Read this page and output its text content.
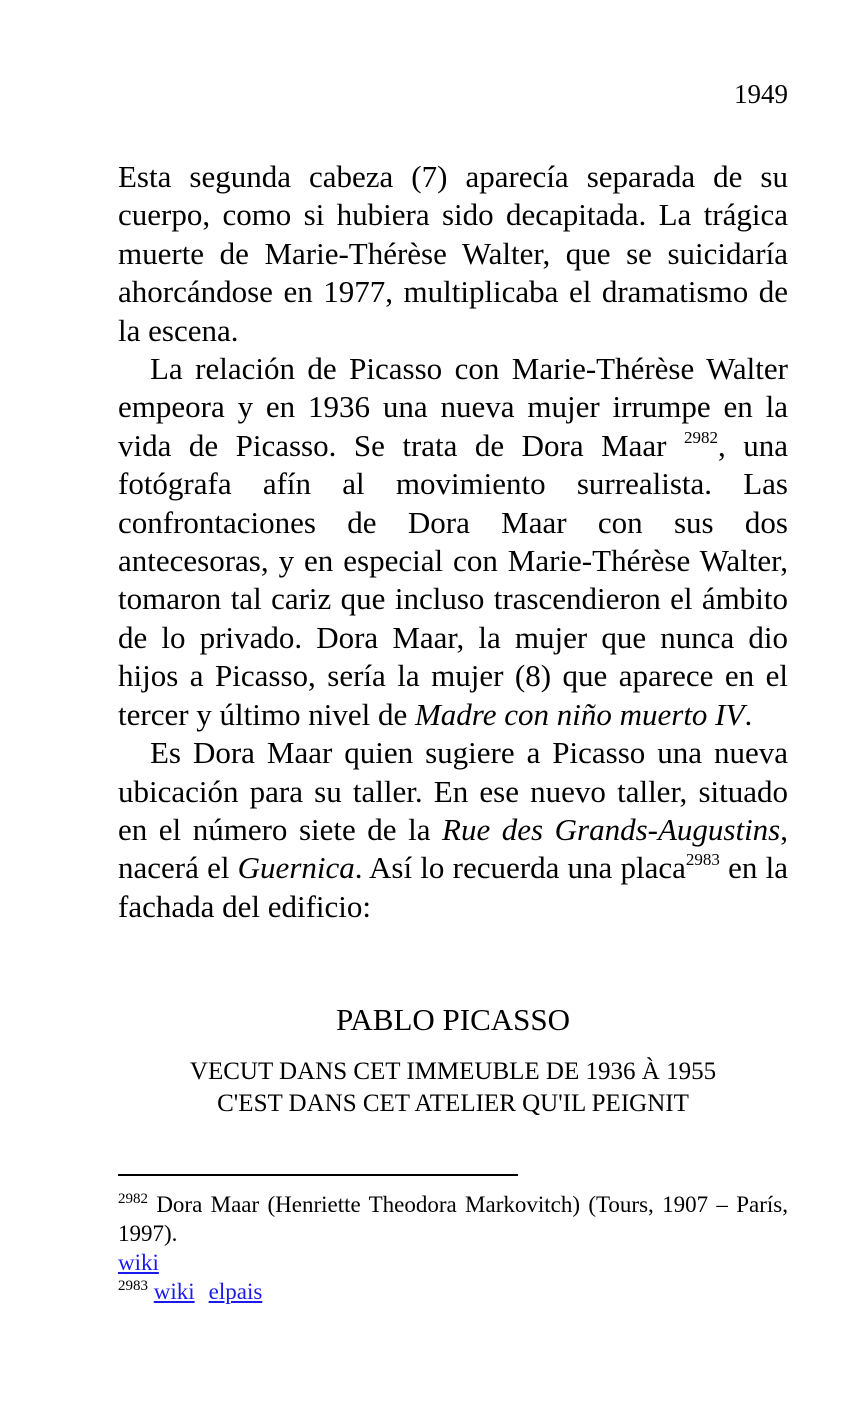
1949

Esta segunda cabeza (7) aparecía separada de su cuerpo, como si hubiera sido decapitada. La trágica muerte de Marie-Thérèse Walter, que se suicidaría ahorcándose en 1977, multiplicaba el dramatismo de la escena.

La relación de Picasso con Marie-Thérèse Walter empeora y en 1936 una nueva mujer irrumpe en la vida de Picasso. Se trata de Dora Maar $^{2982}$, una fotógrafa afín al movimiento surrealista. Las confrontaciones de Dora Maar con sus dos antecesoras, y en especial con Marie-Thérèse Walter, tomaron tal cariz que incluso trascendieron el ámbito de lo privado. Dora Maar, la mujer que nunca dio hijos a Picasso, sería la mujer (8) que aparece en el tercer y último nivel de Madre con niño muerto IV.

Es Dora Maar quien sugiere a Picasso una nueva ubicación para su taller. En ese nuevo taller, situado en el número siete de la Rue des Grands-Augustins, nacerá el Guernica. Así lo recuerda una placa$^{2983}$ en la fachada del edificio:

PABLO PICASSO
VECUT DANS CET IMMEUBLE DE 1936 À 1955
C'EST DANS CET ATELIER QU'IL PEIGNIT

$^{2982}$ Dora Maar (Henriette Theodora Markovitch) (Tours, 1907 – París, 1997).

wiki

$^{2983}$ wiki elpais
